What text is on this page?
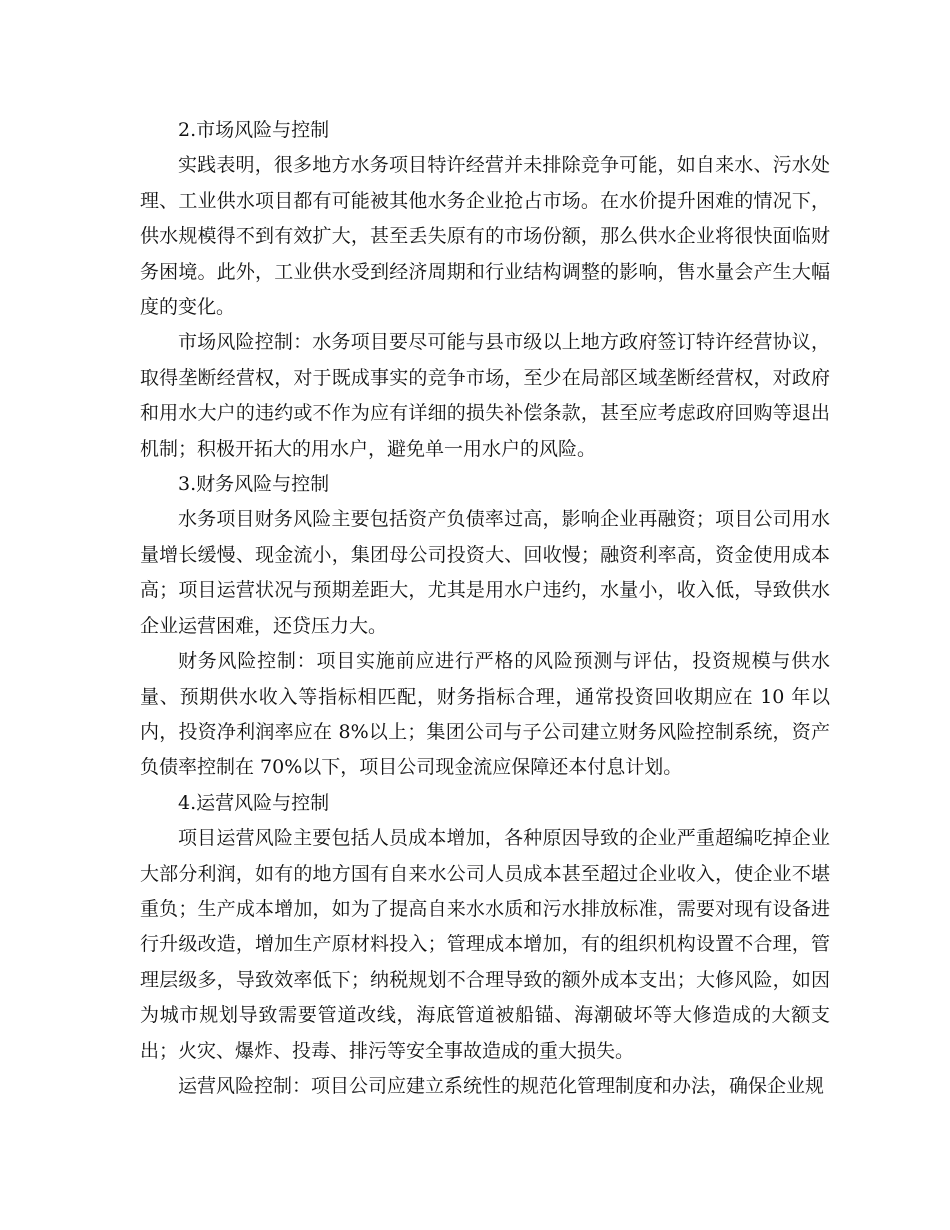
2.市场风险与控制

实践表明，很多地方水务项目特许经营并未排除竞争可能，如自来水、污水处理、工业供水项目都有可能被其他水务企业抢占市场。在水价提升困难的情况下，供水规模得不到有效扩大，甚至丢失原有的市场份额，那么供水企业将很快面临财务困境。此外，工业供水受到经济周期和行业结构调整的影响，售水量会产生大幅度的变化。

市场风险控制：水务项目要尽可能与县市级以上地方政府签订特许经营协议，取得垄断经营权，对于既成事实的竞争市场，至少在局部区域垄断经营权，对政府和用水大户的违约或不作为应有详细的损失补偿条款，甚至应考虑政府回购等退出机制；积极开拓大的用水户，避免单一用水户的风险。

3.财务风险与控制

水务项目财务风险主要包括资产负债率过高，影响企业再融资；项目公司用水量增长缓慢、现金流小，集团母公司投资大、回收慢；融资利率高，资金使用成本高；项目运营状况与预期差距大，尤其是用水户违约，水量小，收入低，导致供水企业运营困难，还贷压力大。

财务风险控制：项目实施前应进行严格的风险预测与评估，投资规模与供水量、预期供水收入等指标相匹配，财务指标合理，通常投资回收期应在 10 年以内，投资净利润率应在 8%以上；集团公司与子公司建立财务风险控制系统，资产负债率控制在 70%以下，项目公司现金流应保障还本付息计划。

4.运营风险与控制

项目运营风险主要包括人员成本增加，各种原因导致的企业严重超编吃掉企业大部分利润，如有的地方国有自来水公司人员成本甚至超过企业收入，使企业不堪重负；生产成本增加，如为了提高自来水水质和污水排放标准，需要对现有设备进行升级改造，增加生产原材料投入；管理成本增加，有的组织机构设置不合理，管理层级多，导致效率低下；纳税规划不合理导致的额外成本支出；大修风险，如因为城市规划导致需要管道改线，海底管道被船锚、海潮破坏等大修造成的大额支出；火灾、爆炸、投毒、排污等安全事故造成的重大损失。

运营风险控制：项目公司应建立系统性的规范化管理制度和办法，确保企业规
